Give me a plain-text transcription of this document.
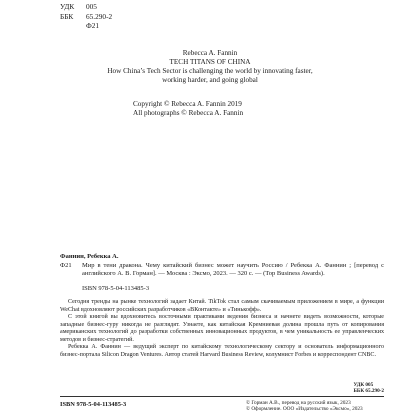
УДК 005
ББК 65.290-2
Ф21
Rebecca A. Fannin
TECH TITANS OF CHINA
How China’s Tech Sector is challenging the world by innovating faster,
working harder, and going global
Copyright © Rebecca A. Fannin 2019
All photographs © Rebecca A. Fannin
Фаннин, Ребекка А.
Ф21 Мир в тени дракона. Чему китайский бизнес может научить Россию / Ребекка А. Фаннин ; [перевод с английского А. В. Горман]. — Москва : Эксмо, 2023. — 320 с. — (Top Business Awards).
ISBN 978-5-04-113485-3

Сегодня тренды на рынке технологий задает Китай. TikTok стал самым скачиваемым приложением в мире, а функции WeChat вдохновляют российских разработчиков «ВКонтакте» и «Тинькофф».

С этой книгой вы вдохновитесь восточными практиками ведения бизнеса и начнете видеть возможности, которые западные бизнес-гуру никогда не разглядят. Узнаете, как китайская Кремниевая долина прошла путь от копирования американских технологий до разработки собственных инновационных продуктов, в чем уникальность ее управленческих методов и бизнес-стратегий.

Ребекка А. Фаннин — ведущий эксперт по китайскому технологическому сектору и основатель информационного бизнес-портала Silicon Dragon Ventures. Автор статей Harvard Business Review, колумнист Forbes и корреспондент CNBC.

УДК 005
ББК 65.290-2
ISBN 978-5-04-113485-3	© Горман А.В., перевод на русский язык, 2023
© Оформление. ООО «Издательство «Эксмо», 2023
